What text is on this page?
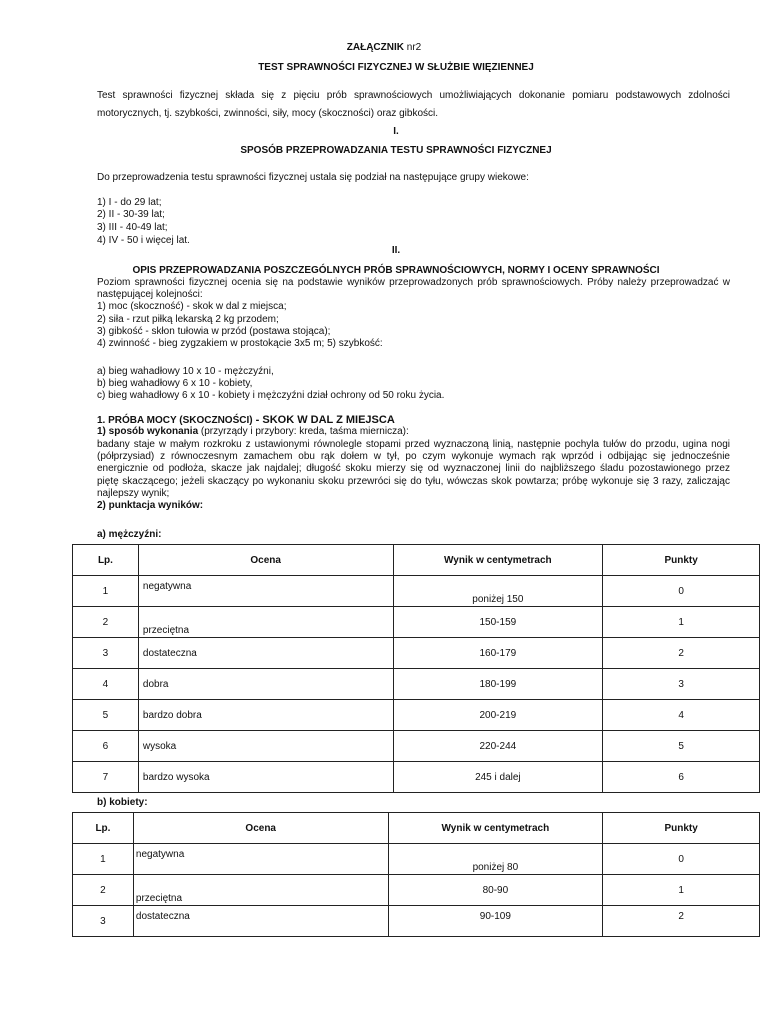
ZAŁĄCZNIK nr2
TEST SPRAWNOŚCI FIZYCZNEJ W SŁUŻBIE WIĘZIENNEJ
Test sprawności fizycznej składa się z pięciu prób sprawnościowych umożliwiających dokonanie pomiaru podstawowych zdolności
motorycznych, tj. szybkości, zwinności, siły, mocy (skoczności) oraz gibkości.
I.
SPOSÓB PRZEPROWADZANIA TESTU SPRAWNOŚCI FIZYCZNEJ
Do przeprowadzenia testu sprawności fizycznej ustala się podział na następujące grupy wiekowe:
1) I - do 29 lat;
2) II - 30-39 lat;
3) III - 40-49 lat;
4) IV - 50 i więcej lat.
II.
OPIS PRZEPROWADZANIA POSZCZEGÓLNYCH PRÓB SPRAWNOŚCIOWYCH, NORMY I OCENY SPRAWNOŚCI
Poziom sprawności fizycznej ocenia się na podstawie wyników przeprowadzonych prób sprawnościowych. Próby należy przeprowadzać w
następującej kolejności:
1) moc (skoczność) - skok w dal z miejsca;
2) siła - rzut piłką lekarską 2 kg przodem;
3) gibkość - skłon tułowia w przód (postawa stojąca);
4) zwinność - bieg zygzakiem w prostokącie 3x5 m; 5) szybkość:
a) bieg wahadłowy 10 x 10 - mężczyźni,
b) bieg wahadłowy 6 x 10 - kobiety,
c) bieg wahadłowy 6 x 10 - kobiety i mężczyźni dział ochrony od 50 roku życia.
1. PRÓBA MOCY (SKOCZNOŚCI) - SKOK W DAL Z MIEJSCA
1) sposób wykonania (przyrządy i przybory: kreda, taśma miernicza):
badany staje w małym rozkroku z ustawionymi równolegle stopami przed wyznaczoną linią, następnie pochyla tułów do przodu, ugina nogi
(półprzysiad) z równoczesnym zamachem obu rąk dołem w tył, po czym wykonuje wymach rąk wprzód i odbijając się jednocześnie
energicznie od podłoża, skacze jak najdalej; długość skoku mierzy się od wyznaczonej linii do najbliższego śladu pozostawionego przez
piętę skaczącego; jeżeli skaczący po wykonaniu skoku przewróci się do tyłu, wówczas skok powtarza; próbę wykonuje się 3 razy, zaliczając
najlepszy wynik;
2) punktacja wyników:
a) mężczyźni:
Lp.	Ocena	Wynik w centymetrach	Punkty
1	negatywna	poniżej 150	0
2	przeciętna	150-159	1
3	dostateczna	160-179	2
4	dobra	180-199	3
5	bardzo dobra	200-219	4
6	wysoka	220-244	5
7	bardzo wysoka	245 i dalej	6
b) kobiety:
Lp.	Ocena	Wynik w centymetrach	Punkty
1	negatywna	poniżej 80	0
2	przeciętna	80-90	1
3	dostateczna	90-109	2
